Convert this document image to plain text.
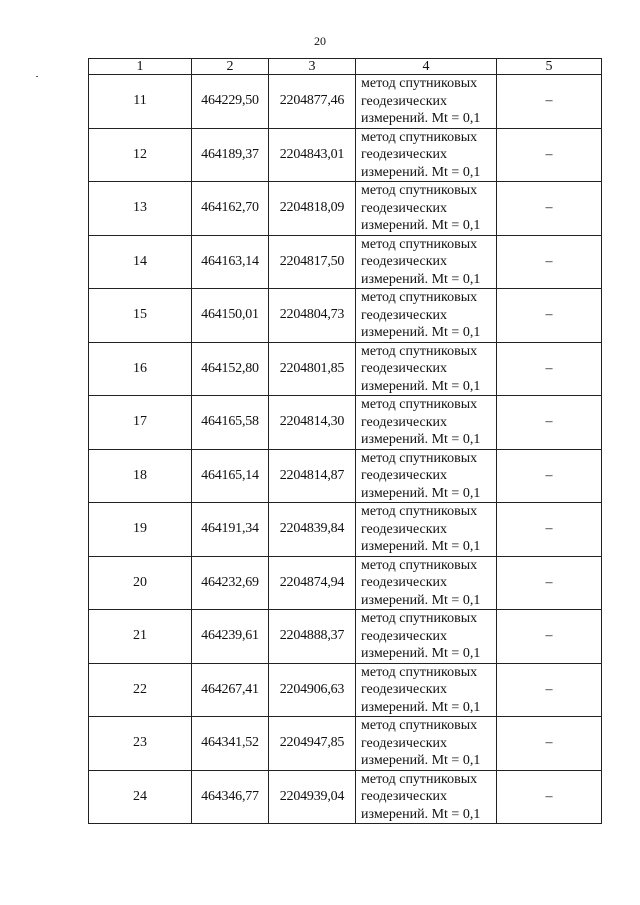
20
1	2	3	4	5
11	464229,50	2204877,46	метод спутниковых
геодезических
измерений. Mt = 0,1	–
12	464189,37	2204843,01	метод спутниковых
геодезических
измерений. Mt = 0,1	–
13	464162,70	2204818,09	метод спутниковых
геодезических
измерений. Mt = 0,1	–
14	464163,14	2204817,50	метод спутниковых
геодезических
измерений. Mt = 0,1	–
15	464150,01	2204804,73	метод спутниковых
геодезических
измерений. Mt = 0,1	–
16	464152,80	2204801,85	метод спутниковых
геодезических
измерений. Mt = 0,1	–
17	464165,58	2204814,30	метод спутниковых
геодезических
измерений. Mt = 0,1	–
18	464165,14	2204814,87	метод спутниковых
геодезических
измерений. Mt = 0,1	–
19	464191,34	2204839,84	метод спутниковых
геодезических
измерений. Mt = 0,1	–
20	464232,69	2204874,94	метод спутниковых
геодезических
измерений. Mt = 0,1	–
21	464239,61	2204888,37	метод спутниковых
геодезических
измерений. Mt = 0,1	–
22	464267,41	2204906,63	метод спутниковых
геодезических
измерений. Mt = 0,1	–
23	464341,52	2204947,85	метод спутниковых
геодезических
измерений. Mt = 0,1	–
24	464346,77	2204939,04	метод спутниковых
геодезических
измерений. Mt = 0,1	–
